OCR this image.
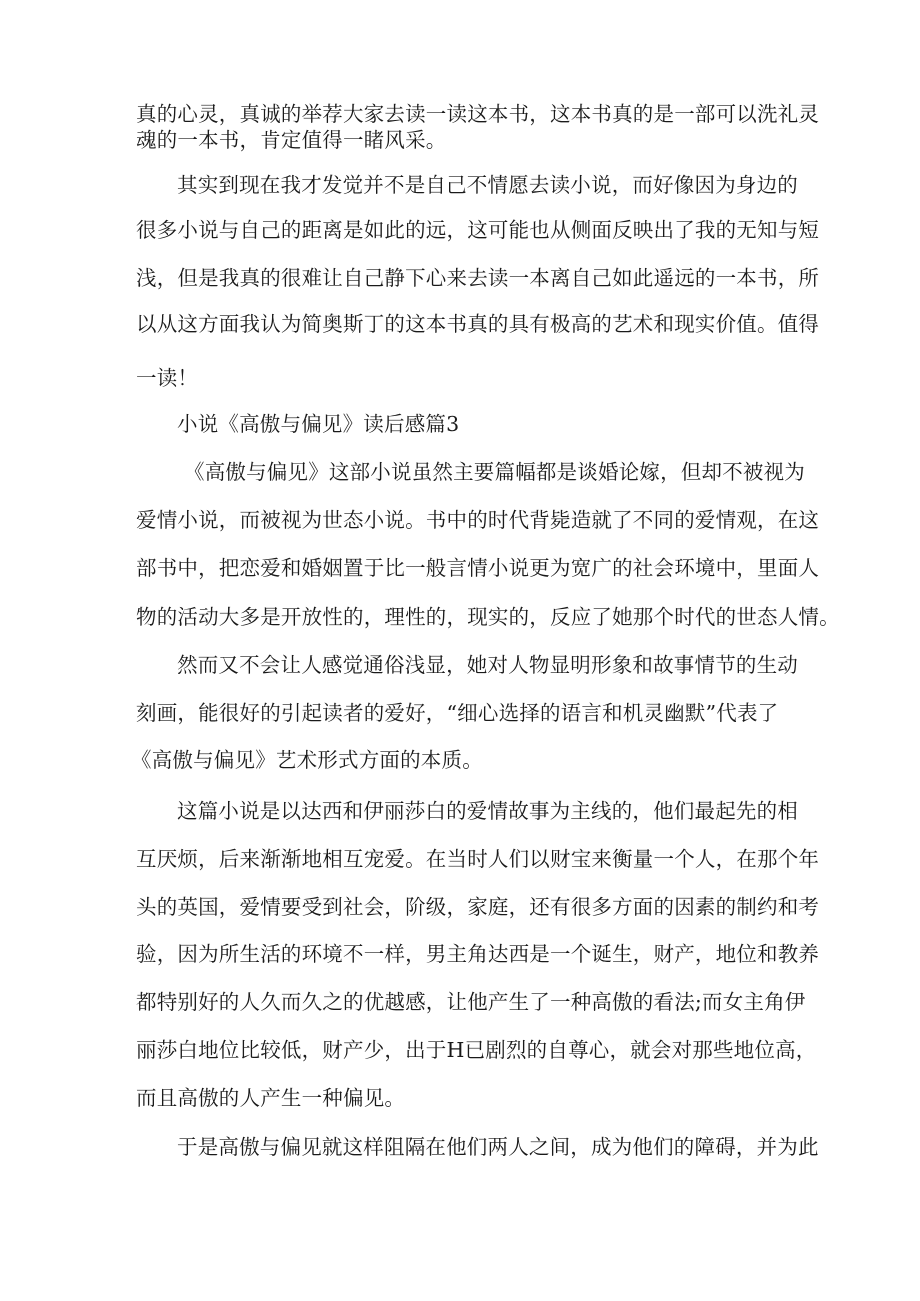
真的心灵，真诚的举荐大家去读一读这本书，这本书真的是一部可以洗礼灵
魂的一本书，肯定值得一睹风采。
其实到现在我才发觉并不是自己不情愿去读小说，而好像因为身边的
很多小说与自己的距离是如此的远，这可能也从侧面反映出了我的无知与短
浅，但是我真的很难让自己静下心来去读一本离自己如此遥远的一本书，所
以从这方面我认为简奥斯丁的这本书真的具有极高的艺术和现实价值。值得
一读！
小说《高傲与偏见》读后感篇3
《高傲与偏见》这部小说虽然主要篇幅都是谈婚论嫁，但却不被视为
爱情小说，而被视为世态小说。书中的时代背毙造就了不同的爱情观，在这
部书中，把恋爱和婚姻置于比一般言情小说更为宽广的社会环境中，里面人
物的活动大多是开放性的，理性的，现实的，反应了她那个时代的世态人情。
然而又不会让人感觉通俗浅显，她对人物显明形象和故事情节的生动
刻画，能很好的引起读者的爱好，“细心选择的语言和机灵幽默”代表了
《高傲与偏见》艺术形式方面的本质。
这篇小说是以达西和伊丽莎白的爱情故事为主线的，他们最起先的相
互厌烦，后来渐渐地相互宠爱。在当时人们以财宝来衡量一个人，在那个年
头的英国，爱情要受到社会，阶级，家庭，还有很多方面的因素的制约和考
验，因为所生活的环境不一样，男主角达西是一个诞生，财产，地位和教养
都特别好的人久而久之的优越感，让他产生了一种高傲的看法;而女主角伊
丽莎白地位比较低，财产少，出于H已剧烈的自尊心，就会对那些地位高，
而且高傲的人产生一种偏见。
于是高傲与偏见就这样阻隔在他们两人之间，成为他们的障碍，并为此
